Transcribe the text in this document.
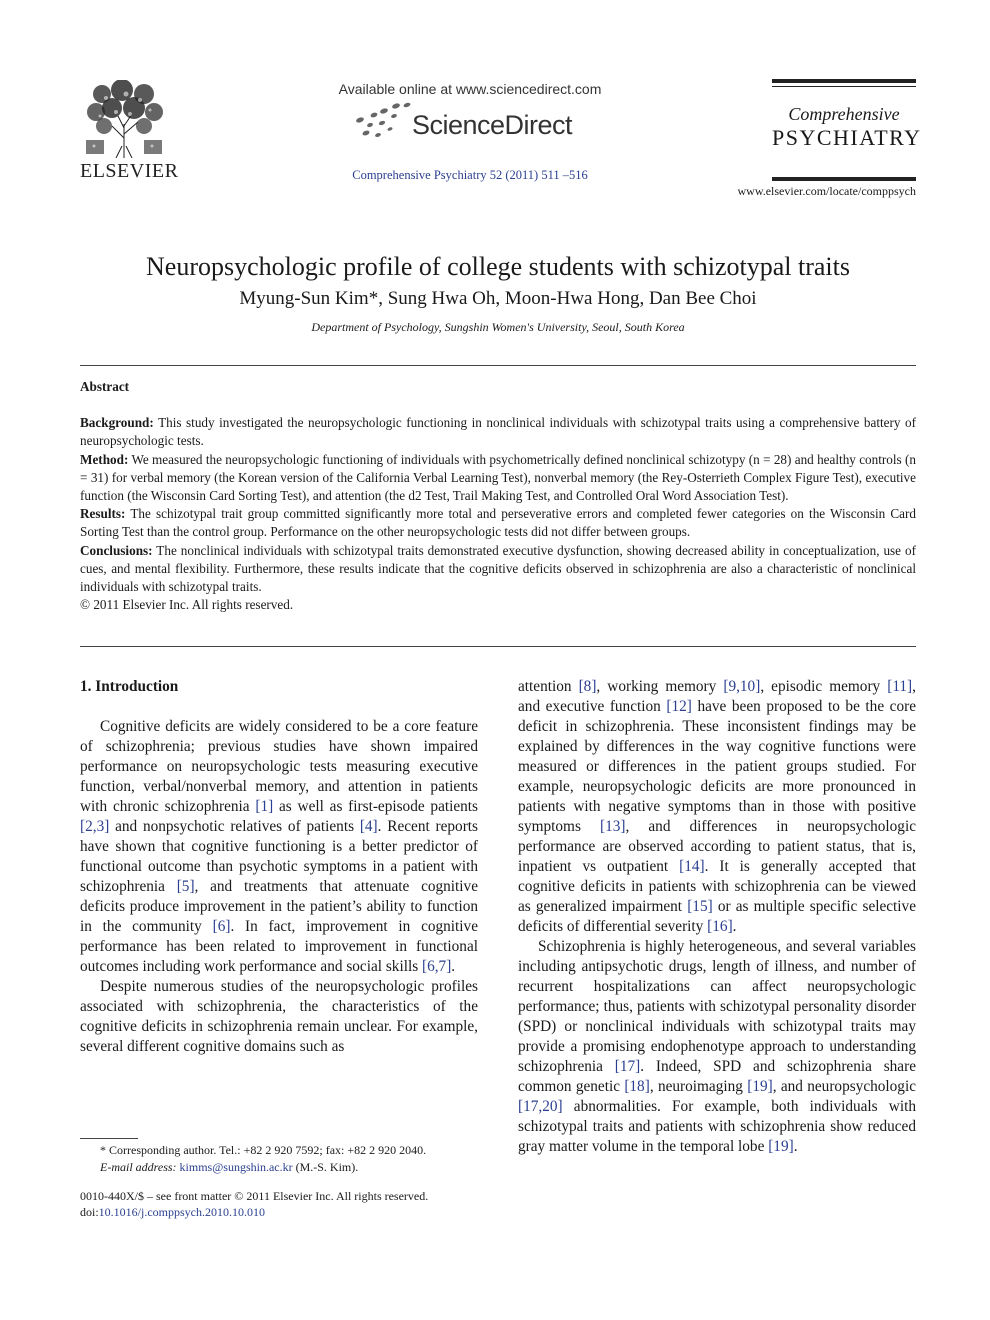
ELSEVIER
Available online at www.sciencedirect.com
ScienceDirect
Comprehensive Psychiatry 52 (2011) 511 –516
Comprehensive
PSYCHIATRY
www.elsevier.com/locate/comppsych
Neuropsychologic profile of college students with schizotypal traits
Myung-Sun Kim*, Sung Hwa Oh, Moon-Hwa Hong, Dan Bee Choi
Department of Psychology, Sungshin Women's University, Seoul, South Korea
Abstract

Background: This study investigated the neuropsychologic functioning in nonclinical individuals with schizotypal traits using a comprehensive battery of neuropsychologic tests.

Method: We measured the neuropsychologic functioning of individuals with psychometrically defined nonclinical schizotypy (n = 28) and healthy controls (n = 31) for verbal memory (the Korean version of the California Verbal Learning Test), nonverbal memory (the Rey-Osterrieth Complex Figure Test), executive function (the Wisconsin Card Sorting Test), and attention (the d2 Test, Trail Making Test, and Controlled Oral Word Association Test).

Results: The schizotypal trait group committed significantly more total and perseverative errors and completed fewer categories on the Wisconsin Card Sorting Test than the control group. Performance on the other neuropsychologic tests did not differ between groups.

Conclusions: The nonclinical individuals with schizotypal traits demonstrated executive dysfunction, showing decreased ability in conceptualization, use of cues, and mental flexibility. Furthermore, these results indicate that the cognitive deficits observed in schizophrenia are also a characteristic of nonclinical individuals with schizotypal traits.

© 2011 Elsevier Inc. All rights reserved.

1. Introduction

Cognitive deficits are widely considered to be a core feature of schizophrenia; previous studies have shown impaired performance on neuropsychologic tests measuring executive function, verbal/nonverbal memory, and attention in patients with chronic schizophrenia [1] as well as first-episode patients [2,3] and nonpsychotic relatives of patients [4]. Recent reports have shown that cognitive functioning is a better predictor of functional outcome than psychotic symptoms in a patient with schizophrenia [5], and treatments that attenuate cognitive deficits produce improvement in the patient’s ability to function in the community [6]. In fact, improvement in cognitive performance has been related to improvement in functional outcomes including work performance and social skills [6,7].

Despite numerous studies of the neuropsychologic profiles associated with schizophrenia, the characteristics of the cognitive deficits in schizophrenia remain unclear. For example, several different cognitive domains such as

attention [8], working memory [9,10], episodic memory [11], and executive function [12] have been proposed to be the core deficit in schizophrenia. These inconsistent findings may be explained by differences in the way cognitive functions were measured or differences in the patient groups studied. For example, neuropsychologic deficits are more pronounced in patients with negative symptoms than in those with positive symptoms [13], and differences in neuropsychologic performance are observed according to patient status, that is, inpatient vs outpatient [14]. It is generally accepted that cognitive deficits in patients with schizophrenia can be viewed as generalized impairment [15] or as multiple specific selective deficits of differential severity [16].

Schizophrenia is highly heterogeneous, and several variables including antipsychotic drugs, length of illness, and number of recurrent hospitalizations can affect neuropsychologic performance; thus, patients with schizotypal personality disorder (SPD) or nonclinical individuals with schizotypal traits may provide a promising endophenotype approach to understanding schizophrenia [17]. Indeed, SPD and schizophrenia share common genetic [18], neuroimaging [19], and neuropsychologic [17,20] abnormalities. For example, both individuals with schizotypal traits and patients with schizophrenia show reduced gray matter volume in the temporal lobe [19].

* Corresponding author. Tel.: +82 2 920 7592; fax: +82 2 920 2040.
E-mail address: kimms@sungshin.ac.kr (M.-S. Kim).
0010-440X/$ – see front matter © 2011 Elsevier Inc. All rights reserved.
doi:10.1016/j.comppsych.2010.10.010
